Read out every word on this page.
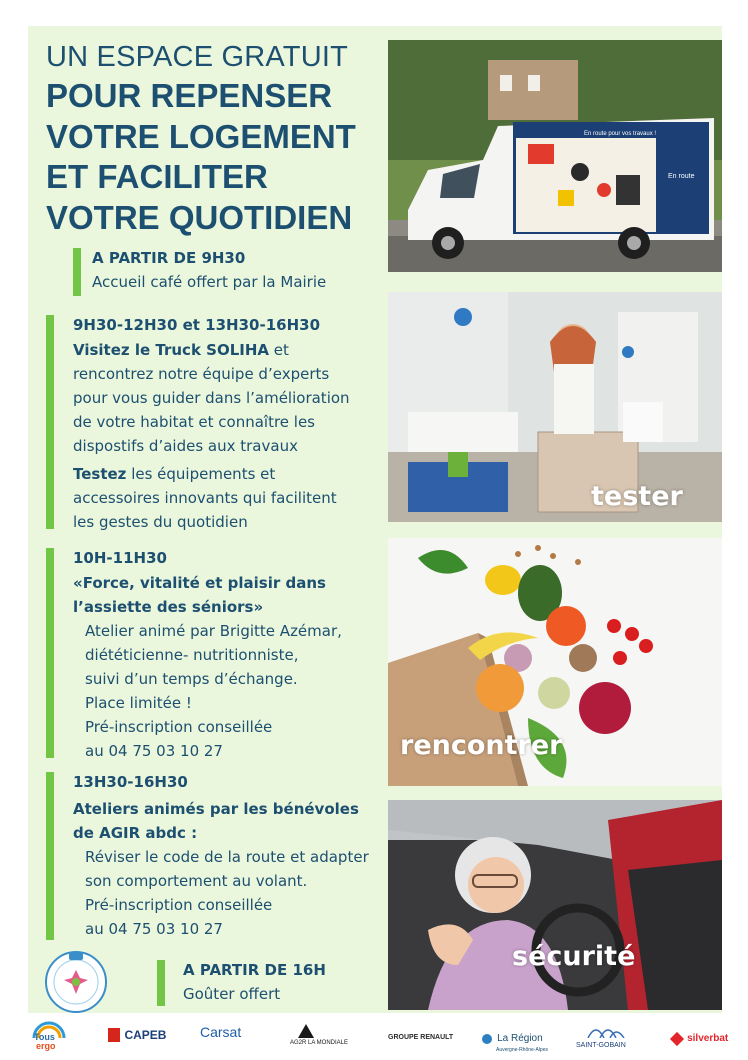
UN ESPACE GRATUIT
POUR REPENSER
VOTRE LOGEMENT
ET FACILITER
VOTRE QUOTIDIEN
A PARTIR DE 9H30
Accueil café offert par la Mairie
9H30-12H30 et 13H30-16H30
Visitez le Truck SOLIHA et
rencontrez notre équipe d’experts
pour vous guider dans l’amélioration
de votre habitat et connaître les
dispostifs d’aides aux travaux
Testez les équipements et
accessoires innovants qui facilitent
les gestes du quotidien
10H-11H30
«Force, vitalité et plaisir dans
l’assiette des séniors»
Atelier animé par Brigitte Azémar,
diététicienne- nutritionniste,
suivi d’un temps d’échange.
Place limitée !
Pré-inscription conseillée
au 04 75 03 10 27
13H30-16H30
Ateliers animés par les bénévoles
de AGIR abdc :
Réviser le code de la route et adapter
son comportement au volant.
Pré-inscription conseillée
au 04 75 03 10 27
A PARTIR DE 16H
Goûter offert
En route pour vos travaux !
En route
tester
rencontrer
sécurité
Tous
ergo
CAPEB Carsat
AG2R LA MONDIALE
GROUPE RENAULT	La Région
Auvergne-Rhône-Alpes
SAINT-GOBAIN
silverbat
